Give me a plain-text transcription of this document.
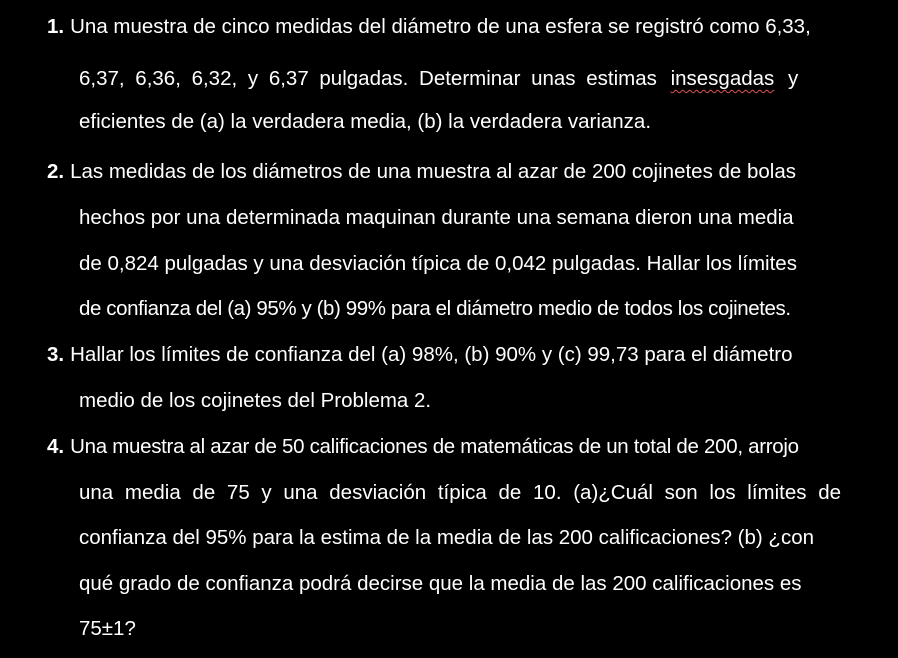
1. Una muestra de cinco medidas del diámetro de una esfera se registró como 6,33,
6,37, 6,36, 6,32, y 6,37 pulgadas. Determinar unas estimas insesgadas y
eficientes de (a) la verdadera media, (b) la verdadera varianza.
2. Las medidas de los diámetros de una muestra al azar de 200 cojinetes de bolas
hechos por una determinada maquinan durante una semana dieron una media
de 0,824 pulgadas y una desviación típica de 0,042 pulgadas. Hallar los límites
de confianza del (a) 95% y (b) 99% para el diámetro medio de todos los cojinetes.
3. Hallar los límites de confianza del (a) 98%, (b) 90% y (c) 99,73 para el diámetro
medio de los cojinetes del Problema 2.
4. Una muestra al azar de 50 calificaciones de matemáticas de un total de 200, arrojo
una media de 75 y una desviación típica de 10. (a)¿Cuál son los límites de
confianza del 95% para la estima de la media de las 200 calificaciones? (b) ¿con
qué grado de confianza podrá decirse que la media de las 200 calificaciones es
75±1?
